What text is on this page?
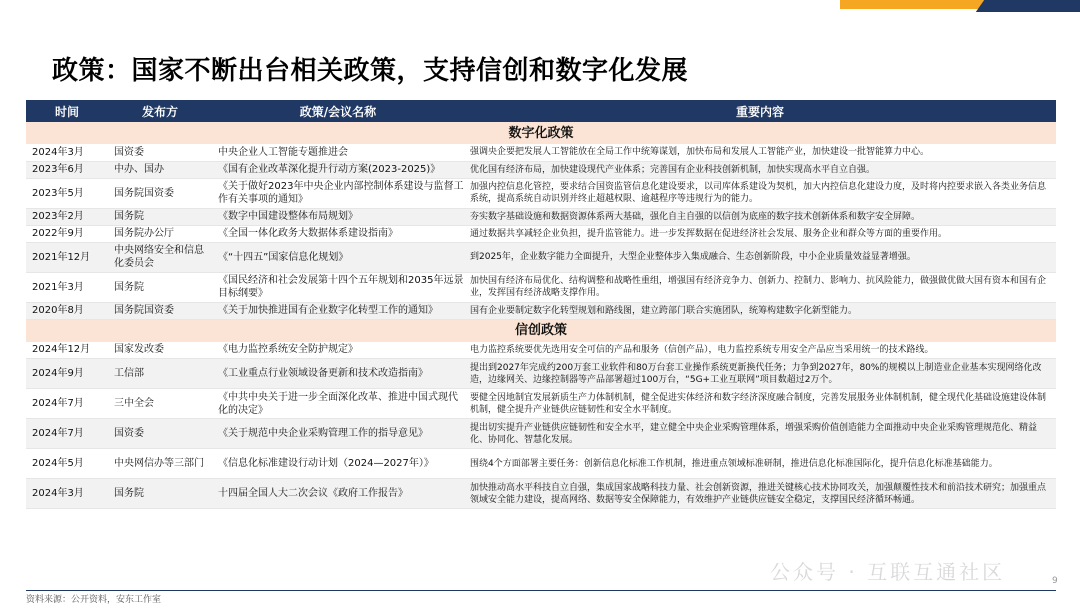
政策：国家不断出台相关政策，支持信创和数字化发展
时间	发布方	政策/会议名称	重要内容
数字化政策			
2024年3月	国资委	中央企业人工智能专题推进会	强调央企要把发展人工智能放在全局工作中统筹谋划，加快布局和发展人工智能产业，加快建设一批智能算力中心。
2023年6月	中办、国办	《国有企业改革深化提升行动方案(2023-2025)》	优化国有经济布局，加快建设现代产业体系；完善国有企业科技创新机制，加快实现高水平自立自强。
2023年5月	国务院国资委	《关于做好2023年中央企业内部控制体系建设与监督工作有关事项的通知》	加强内控信息化管控，要求结合国资监管信息化建设要求，以司库体系建设为契机，加大内控信息化建设力度，及时将内控要求嵌入各类业务信息系统，提高系统自动识别并终止超越权限、逾越程序等违规行为的能力。
2023年2月	国务院	《数字中国建设整体布局规划》	夯实数字基础设施和数据资源体系两大基础，强化自主自强的以信创为底座的数字技术创新体系和数字安全屏障。
2022年9月	国务院办公厅	《全国一体化政务大数据体系建设指南》	通过数据共享减轻企业负担，提升监管能力。进一步发挥数据在促进经济社会发展、服务企业和群众等方面的重要作用。
2021年12月	中央网络安全和信息化委员会	《“十四五”国家信息化规划》	到2025年，企业数字能力全面提升，大型企业整体步入集成融合、生态创新阶段，中小企业质量效益显著增强。
2021年3月	国务院	《国民经济和社会发展第十四个五年规划和2035年远景目标纲要》	加快国有经济布局优化、结构调整和战略性重组，增强国有经济竞争力、创新力、控制力、影响力、抗风险能力，做强做优做大国有资本和国有企业，发挥国有经济战略支撑作用。
2020年8月	国务院国资委	《关于加快推进国有企业数字化转型工作的通知》	国有企业要制定数字化转型规划和路线图，建立跨部门联合实施团队，统筹构建数字化新型能力。
信创政策			
2024年12月	国家发改委	《电力监控系统安全防护规定》	电力监控系统要优先选用安全可信的产品和服务（信创产品），电力监控系统专用安全产品应当采用统一的技术路线。
2024年9月	工信部	《工业重点行业领域设备更新和技术改造指南》	提出到2027年完成约200万套工业软件和80万台套工业操作系统更新换代任务；力争到2027年，80%的规模以上制造业企业基本实现网络化改造，边缘网关、边缘控制器等产品部署超过100万台，“5G+工业互联网”项目数超过2万个。
2024年7月	三中全会	《中共中央关于进一步全面深化改革、推进中国式现代化的决定》	要健全因地制宜发展新质生产力体制机制，健全促进实体经济和数字经济深度融合制度，完善发展服务业体制机制，健全现代化基础设施建设体制机制，健全提升产业链供应链韧性和安全水平制度。
2024年7月	国资委	《关于规范中央企业采购管理工作的指导意见》	提出切实提升产业链供应链韧性和安全水平，建立健全中央企业采购管理体系，增强采购价值创造能力全面推动中央企业采购管理规范化、精益化、协同化、智慧化发展。
2024年5月	中央网信办等三部门	《信息化标准建设行动计划（2024—2027年）》	围绕4个方面部署主要任务：创新信息化标准工作机制，推进重点领域标准研制，推进信息化标准国际化，提升信息化标准基础能力。
2024年3月	国务院	十四届全国人大二次会议《政府工作报告》	加快推动高水平科技自立自强，集成国家战略科技力量、社会创新资源，推进关键核心技术协同攻关，加强颠覆性技术和前沿技术研究；加强重点领域安全能力建设，提高网络、数据等安全保障能力，有效维护产业链供应链安全稳定，支撑国民经济循环畅通。
公众号 · 互联互通社区	9
资料来源：公开资料，安东工作室
